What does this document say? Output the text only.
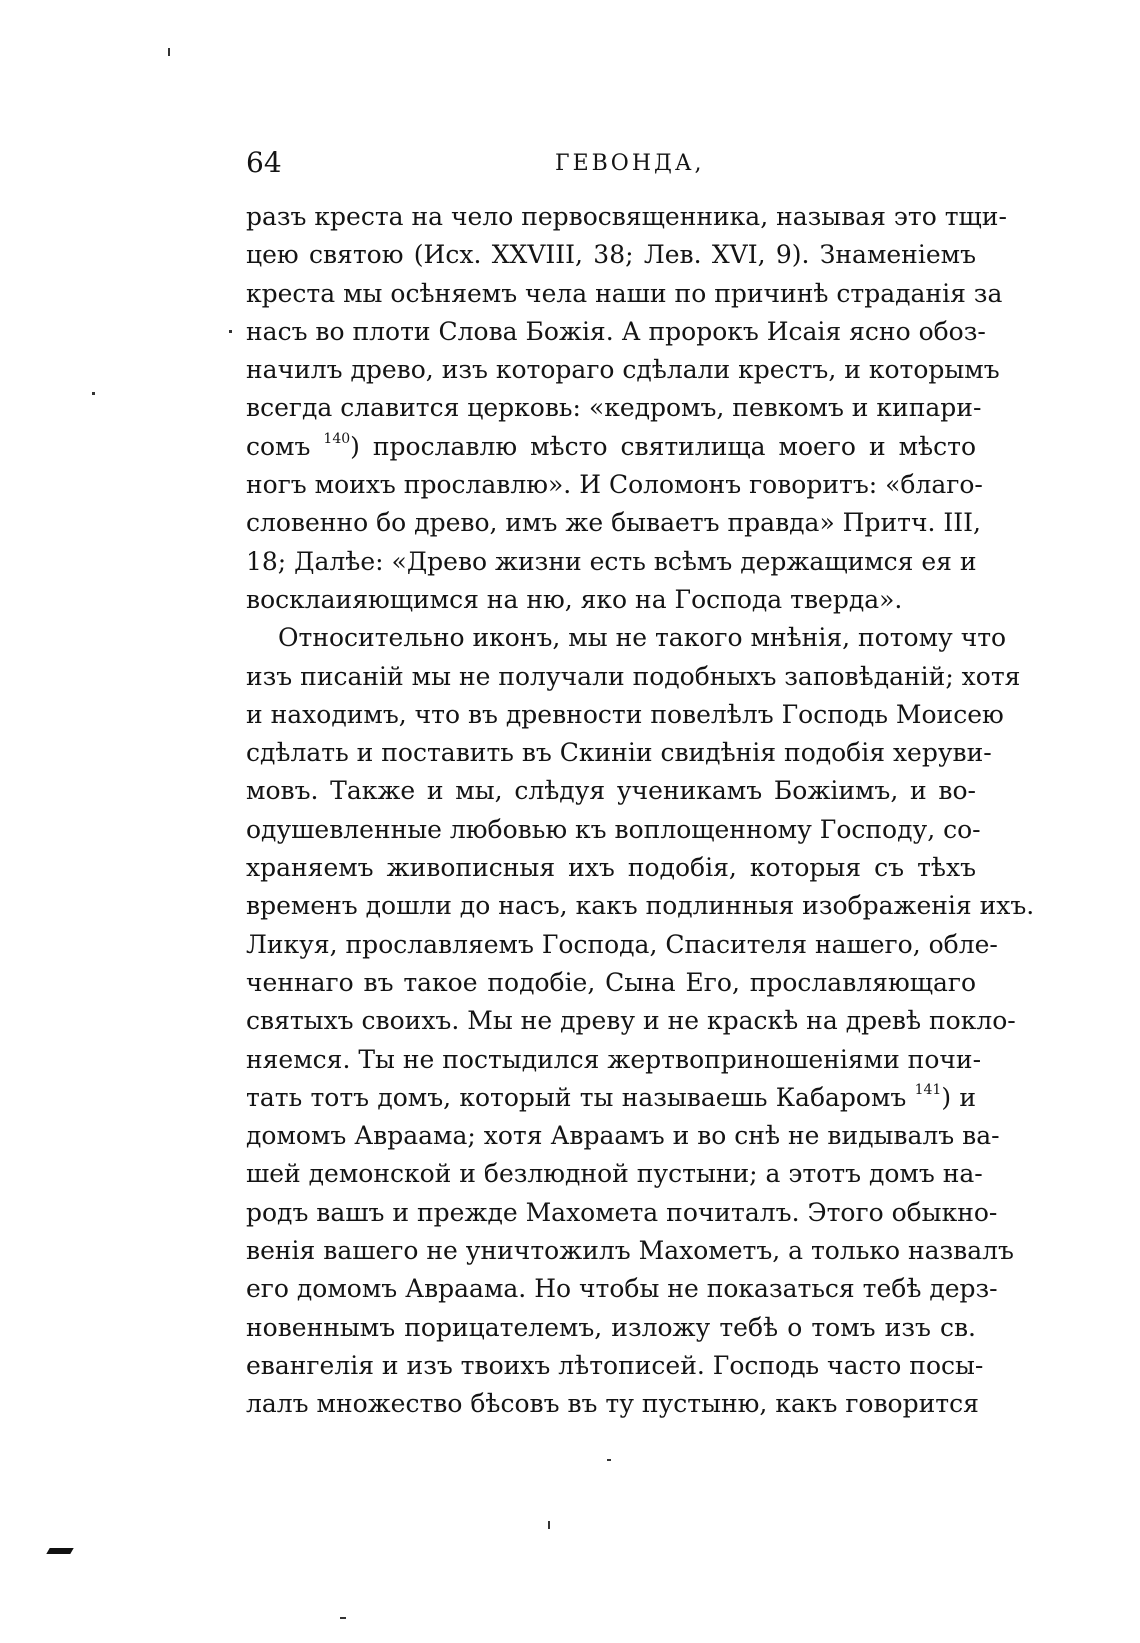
64	ГЕВОНДА,
разъ креста на чело первосвященника, называя это тщи-
цею святою (Исх. XXVIII, 38; Лев. XVI, 9). Знаменіемъ
креста мы осѣняемъ чела наши по причинѣ страданія за
насъ во плоти Слова Божія. А пророкъ Исаія ясно обоз-
начилъ древо, изъ котораго сдѣлали крестъ, и которымъ
всегда славится церковь: «кедромъ, певкомъ и кипари-
сомъ $^{140}$) прославлю мѣсто святилища моего и мѣсто
ногъ моихъ прославлю». И Соломонъ говоритъ: «благо-
словенно бо древо, имъ же бываетъ правда» Притч. III,
18; Далѣе: «Древо жизни есть всѣмъ держащимся ея и
восклаияющимся на ню, яко на Господа тверда».
Относительно иконъ, мы не такого мнѣнія, потому что
изъ писаній мы не получали подобныхъ заповѣданій; хотя
и находимъ, что въ древности повелѣлъ Господь Моисею
сдѣлать и поставить въ Скиніи свидѣнія подобія херуви-
мовъ. Также и мы, слѣдуя ученикамъ Божіимъ, и во-
одушевленные любовью къ воплощенному Господу, со-
храняемъ живописныя ихъ подобія, которыя съ тѣхъ
временъ дошли до насъ, какъ подлинныя изображенія ихъ.
Ликуя, прославляемъ Господа, Спасителя нашего, обле-
ченнаго въ такое подобіе, Сына Его, прославляющаго
святыхъ своихъ. Мы не древу и не краскѣ на древѣ покло-
няемся. Ты не постыдился жертвоприношеніями почи-
тать тотъ домъ, который ты называешь Кабаромъ $^{141}$) и
домомъ Авраама; хотя Авраамъ и во снѣ не видывалъ ва-
шей демонской и безлюдной пустыни; а этотъ домъ на-
родъ вашъ и прежде Махомета почиталъ. Этого обыкно-
венія вашего не уничтожилъ Махометъ, а только назвалъ
его домомъ Авраама. Но чтобы не показаться тебѣ дерз-
новеннымъ порицателемъ, изложу тебѣ о томъ изъ св.
евангелія и изъ твоихъ лѣтописей. Господь часто посы-
лалъ множество бѣсовъ въ ту пустыню, какъ говорится
